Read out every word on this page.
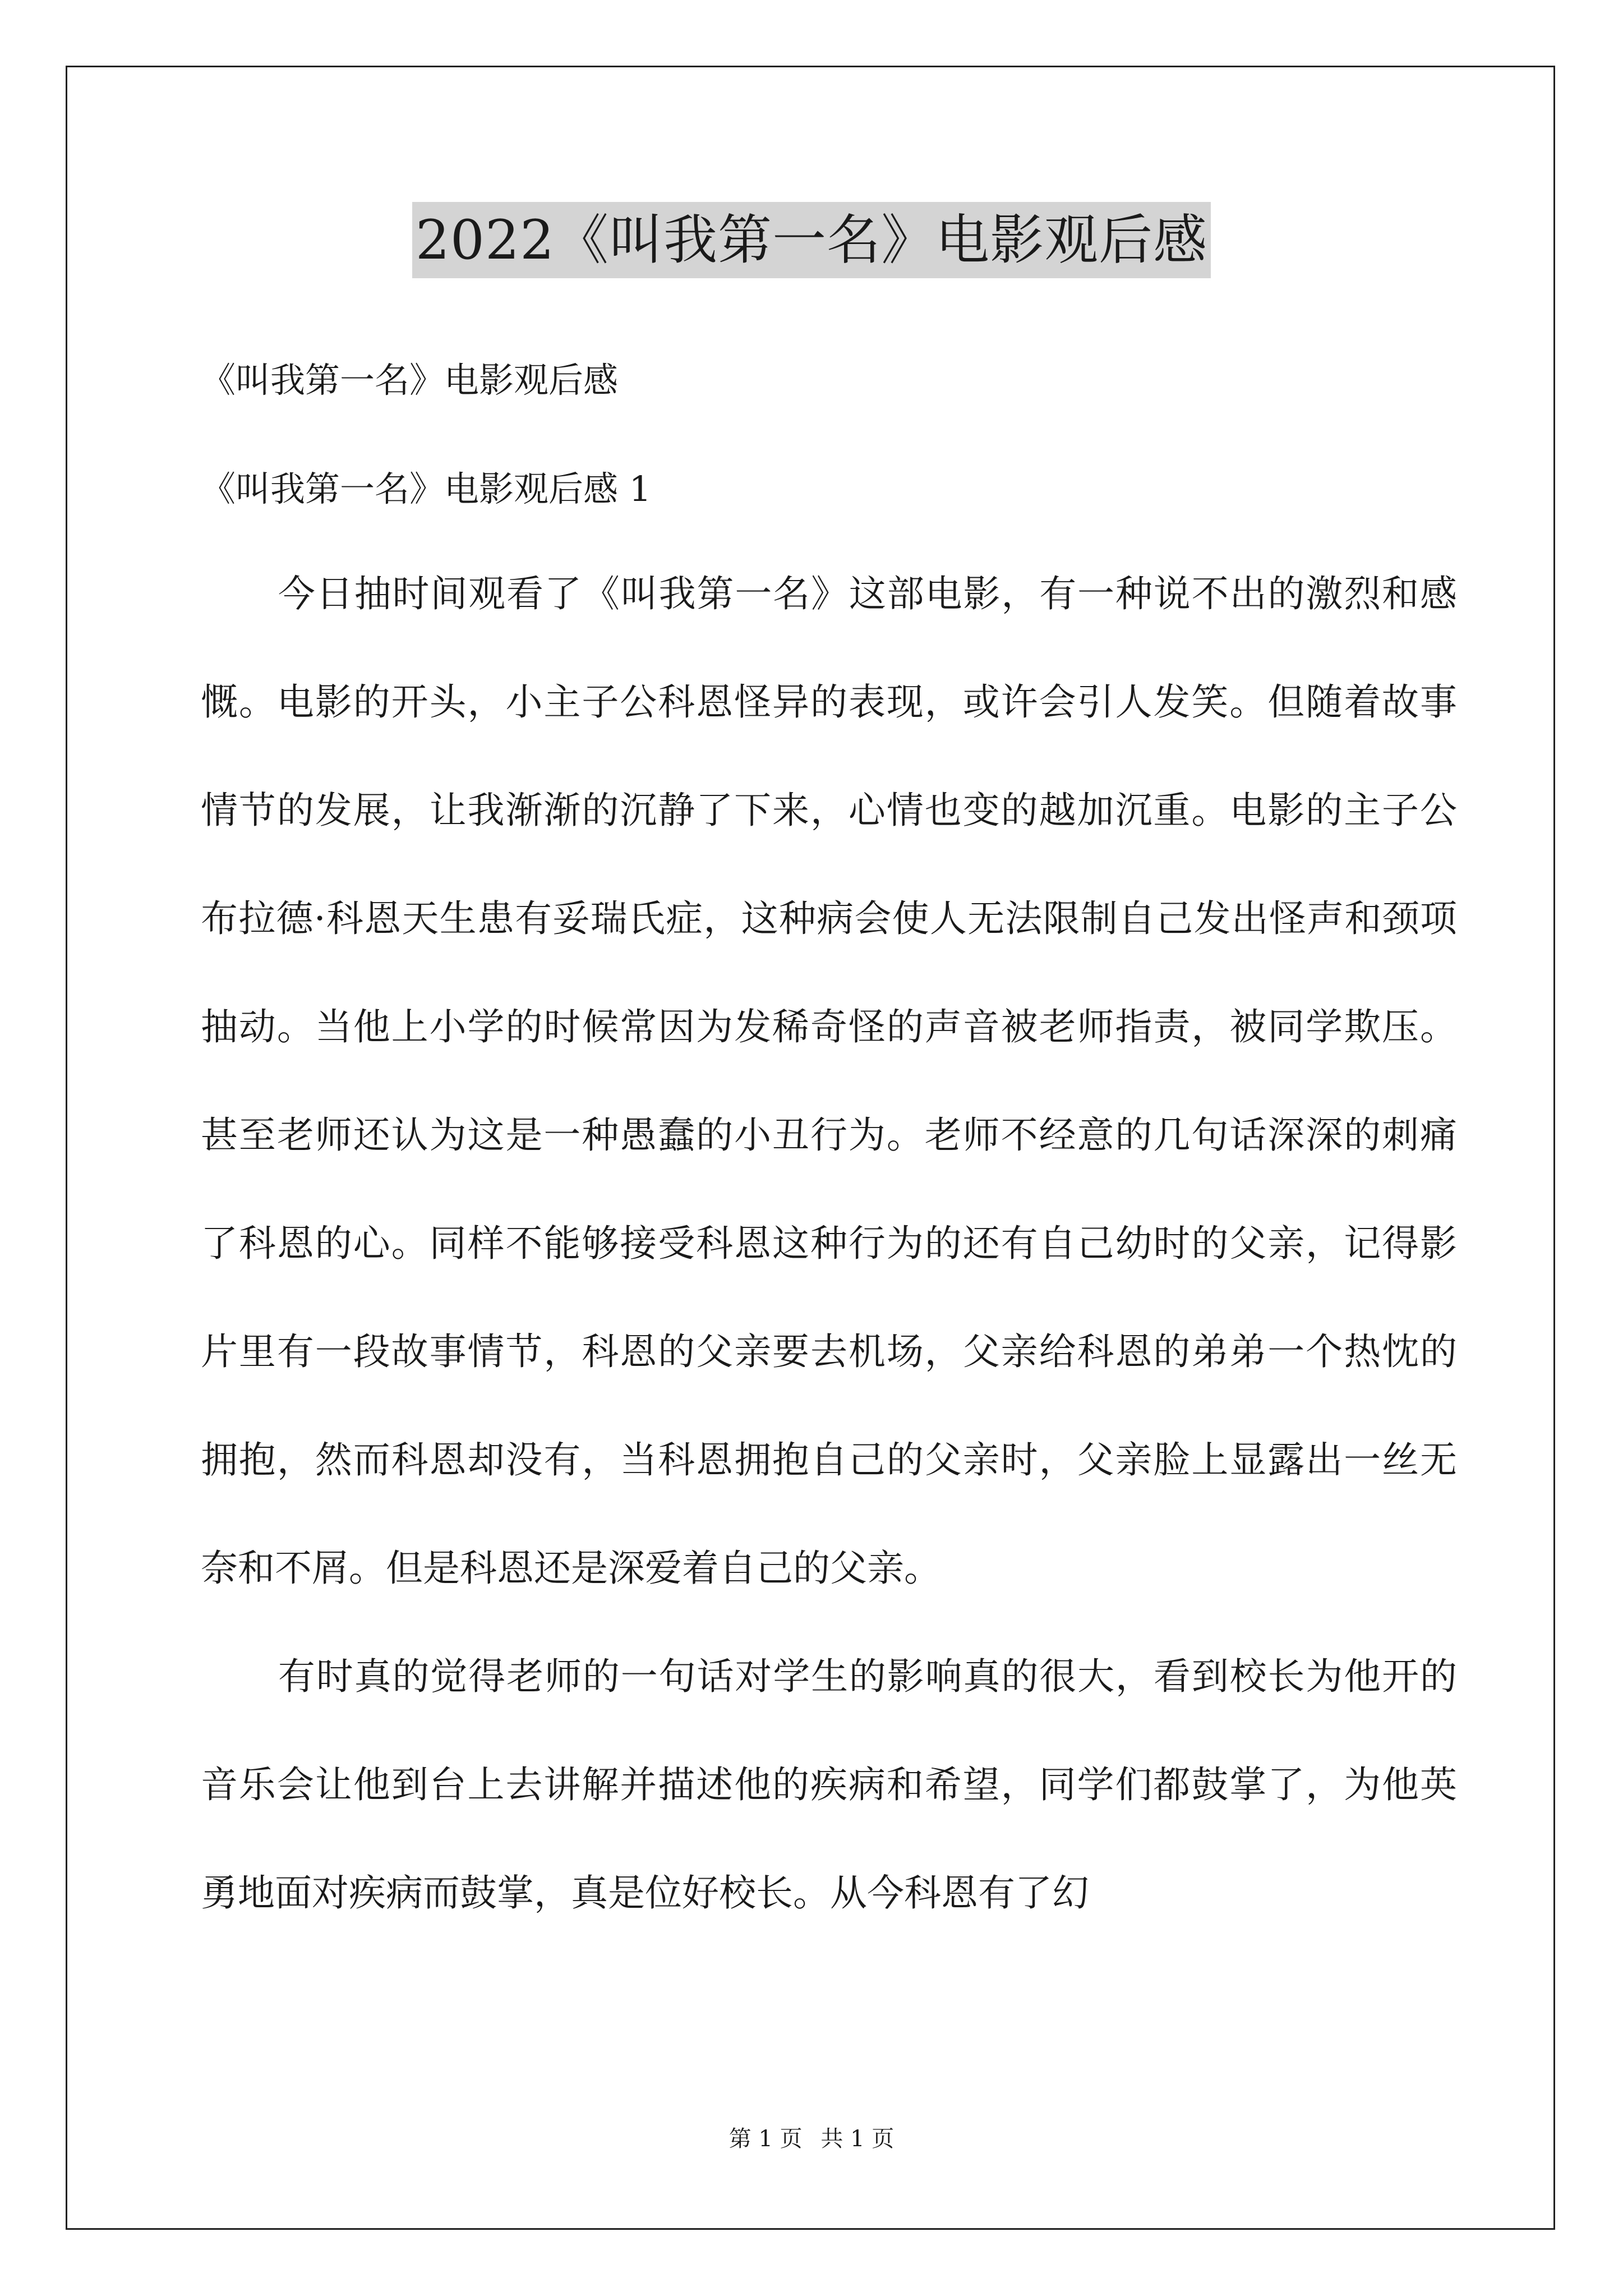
2022《叫我第一名》电影观后感
《叫我第一名》电影观后感
《叫我第一名》电影观后感 1

今日抽时间观看了《叫我第一名》这部电影，有一种说不出的激烈和感慨。电影的开头，小主子公科恩怪异的表现，或许会引人发笑。但随着故事情节的发展，让我渐渐的沉静了下来，心情也变的越加沉重。电影的主子公布拉德·科恩天生患有妥瑞氏症，这种病会使人无法限制自己发出怪声和颈项抽动。当他上小学的时候常因为发稀奇怪的声音被老师指责，被同学欺压。甚至老师还认为这是一种愚蠢的小丑行为。老师不经意的几句话深深的刺痛了科恩的心。同样不能够接受科恩这种行为的还有自己幼时的父亲，记得影片里有一段故事情节，科恩的父亲要去机场，父亲给科恩的弟弟一个热忱的拥抱，然而科恩却没有，当科恩拥抱自己的父亲时，父亲脸上显露出一丝无奈和不屑。但是科恩还是深爱着自己的父亲。

有时真的觉得老师的一句话对学生的影响真的很大，看到校长为他开的音乐会让他到台上去讲解并描述他的疾病和希望，同学们都鼓掌了，为他英勇地面对疾病而鼓掌，真是位好校长。从今科恩有了幻

第 1 页 共 1 页
